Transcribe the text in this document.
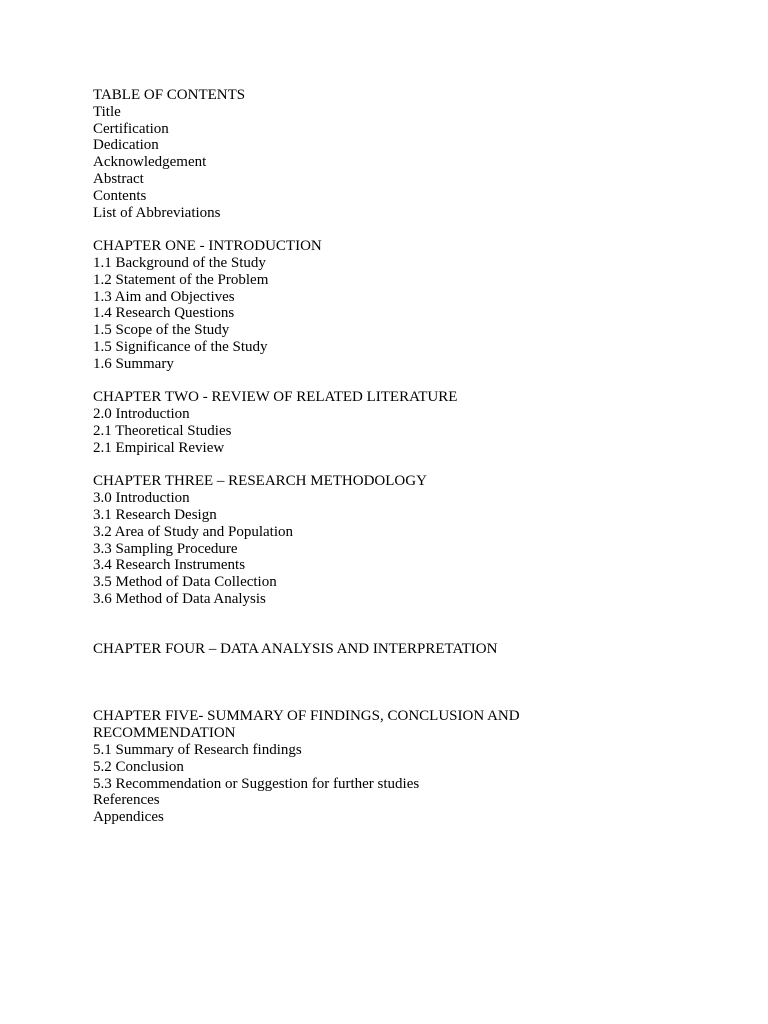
TABLE OF CONTENTS
Title
Certification
Dedication
Acknowledgement
Abstract
Contents
List of Abbreviations
CHAPTER ONE - INTRODUCTION
1.1 Background of the Study
1.2 Statement of the Problem
1.3 Aim and Objectives
1.4 Research Questions
1.5 Scope of the Study
1.5 Significance of the Study
1.6 Summary
CHAPTER TWO - REVIEW OF RELATED LITERATURE
2.0 Introduction
2.1 Theoretical Studies
2.1 Empirical Review
CHAPTER THREE – RESEARCH METHODOLOGY
3.0 Introduction
3.1 Research Design
3.2 Area of Study and Population
3.3 Sampling Procedure
3.4 Research Instruments
3.5 Method of Data Collection
3.6 Method of Data Analysis
CHAPTER FOUR – DATA ANALYSIS AND INTERPRETATION
CHAPTER FIVE- SUMMARY OF FINDINGS, CONCLUSION AND RECOMMENDATION
5.1 Summary of Research findings
5.2 Conclusion
5.3 Recommendation or Suggestion for further studies
References
Appendices
